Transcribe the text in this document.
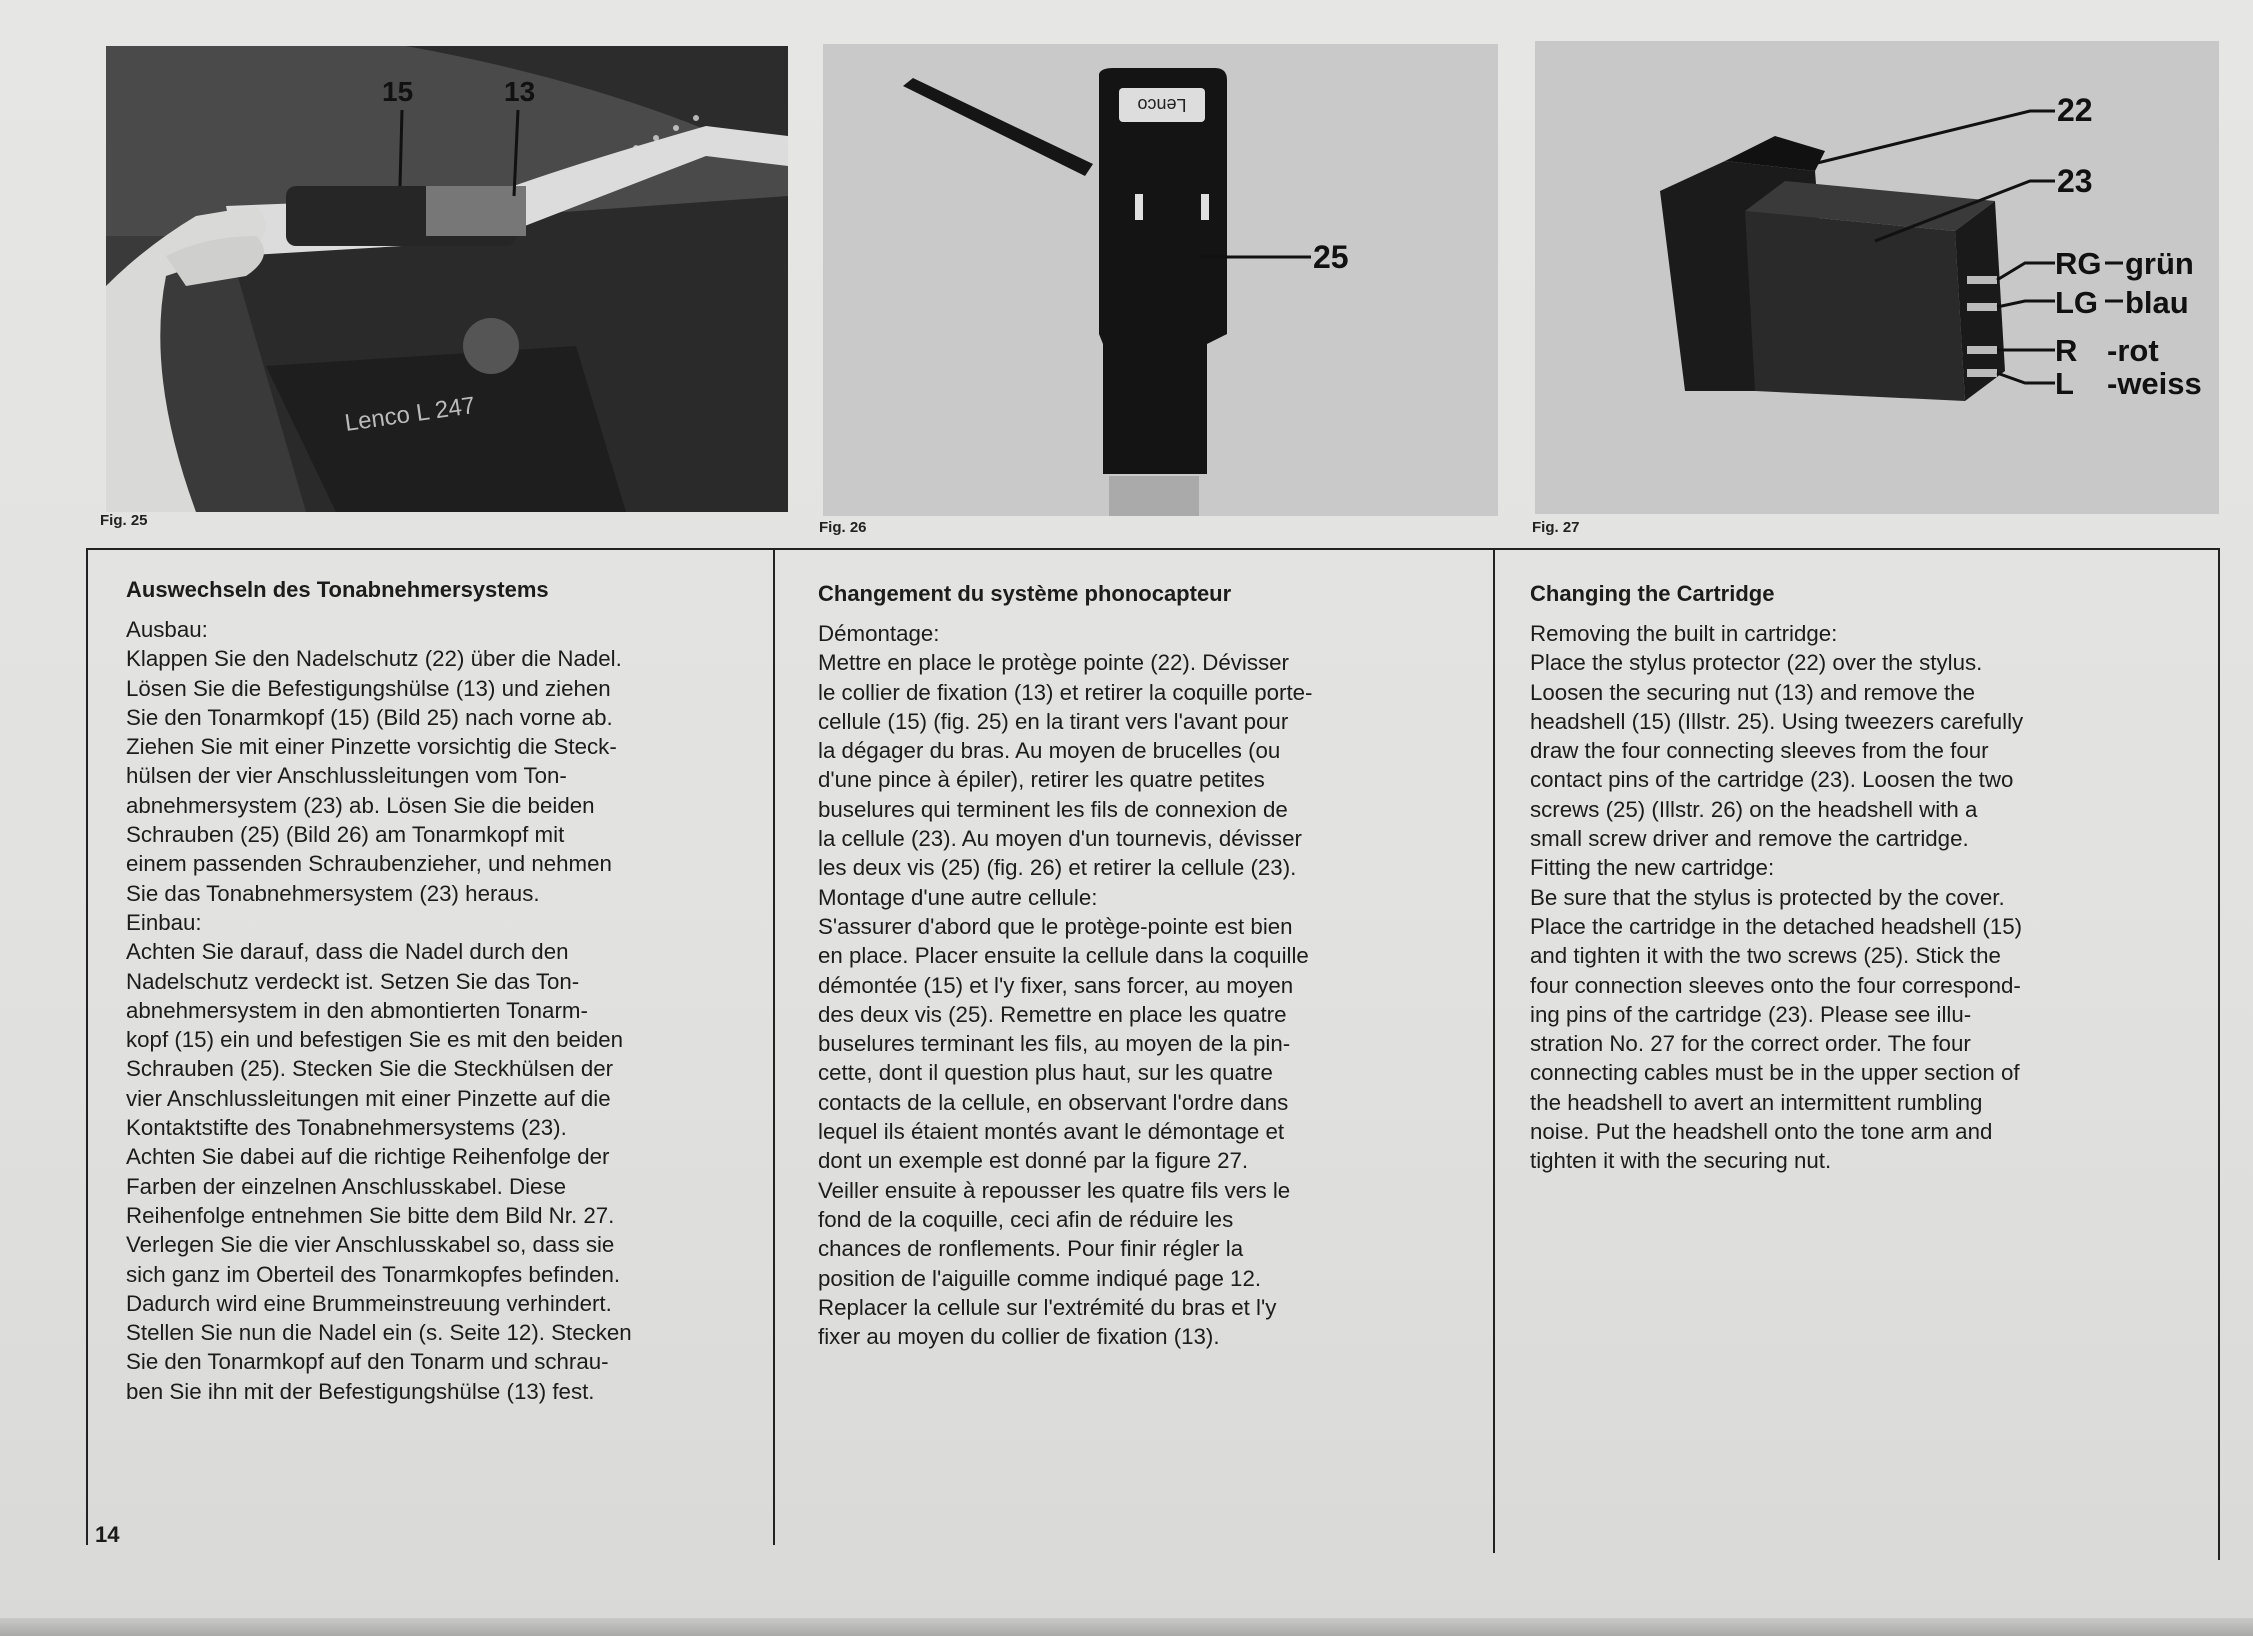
Lenco L 247
15	13
Fig. 25
Lenco
25
Fig. 26
22
23
RG grün
LG blau
R -rot
L -weiss
Fig. 27
Auswechseln des Tonabnehmersystems

Ausbau:

Klappen Sie den Nadelschutz (22) über die Nadel.

Lösen Sie die Befestigungshülse (13) und ziehen

Sie den Tonarmkopf (15) (Bild 25) nach vorne ab.

Ziehen Sie mit einer Pinzette vorsichtig die Steck-

hülsen der vier Anschlussleitungen vom Ton-

abnehmersystem (23) ab. Lösen Sie die beiden

Schrauben (25) (Bild 26) am Tonarmkopf mit

einem passenden Schraubenzieher, und nehmen

Sie das Tonabnehmersystem (23) heraus.

Einbau:

Achten Sie darauf, dass die Nadel durch den

Nadelschutz verdeckt ist. Setzen Sie das Ton-

abnehmersystem in den abmontierten Tonarm-

kopf (15) ein und befestigen Sie es mit den beiden

Schrauben (25). Stecken Sie die Steckhülsen der

vier Anschlussleitungen mit einer Pinzette auf die

Kontaktstifte des Tonabnehmersystems (23).

Achten Sie dabei auf die richtige Reihenfolge der

Farben der einzelnen Anschlusskabel. Diese

Reihenfolge entnehmen Sie bitte dem Bild Nr. 27.

Verlegen Sie die vier Anschlusskabel so, dass sie

sich ganz im Oberteil des Tonarmkopfes befinden.

Dadurch wird eine Brummeinstreuung verhindert.

Stellen Sie nun die Nadel ein (s. Seite 12). Stecken

Sie den Tonarmkopf auf den Tonarm und schrau-

ben Sie ihn mit der Befestigungshülse (13) fest.

Changement du système phonocapteur

Démontage:

Mettre en place le protège pointe (22). Dévisser

le collier de fixation (13) et retirer la coquille porte-

cellule (15) (fig. 25) en la tirant vers l'avant pour

la dégager du bras. Au moyen de brucelles (ou

d'une pince à épiler), retirer les quatre petites

buselures qui terminent les fils de connexion de

la cellule (23). Au moyen d'un tournevis, dévisser

les deux vis (25) (fig. 26) et retirer la cellule (23).

Montage d'une autre cellule:

S'assurer d'abord que le protège-pointe est bien

en place. Placer ensuite la cellule dans la coquille

démontée (15) et l'y fixer, sans forcer, au moyen

des deux vis (25). Remettre en place les quatre

buselures terminant les fils, au moyen de la pin-

cette, dont il question plus haut, sur les quatre

contacts de la cellule, en observant l'ordre dans

lequel ils étaient montés avant le démontage et

dont un exemple est donné par la figure 27.

Veiller ensuite à repousser les quatre fils vers le

fond de la coquille, ceci afin de réduire les

chances de ronflements. Pour finir régler la

position de l'aiguille comme indiqué page 12.

Replacer la cellule sur l'extrémité du bras et l'y

fixer au moyen du collier de fixation (13).

Changing the Cartridge

Removing the built in cartridge:

Place the stylus protector (22) over the stylus.

Loosen the securing nut (13) and remove the

headshell (15) (Illstr. 25). Using tweezers carefully

draw the four connecting sleeves from the four

contact pins of the cartridge (23). Loosen the two

screws (25) (Illstr. 26) on the headshell with a

small screw driver and remove the cartridge.

Fitting the new cartridge:

Be sure that the stylus is protected by the cover.

Place the cartridge in the detached headshell (15)

and tighten it with the two screws (25). Stick the

four connection sleeves onto the four correspond-

ing pins of the cartridge (23). Please see illu-

stration No. 27 for the correct order. The four

connecting cables must be in the upper section of

the headshell to avert an intermittent rumbling

noise. Put the headshell onto the tone arm and

tighten it with the securing nut.

14
